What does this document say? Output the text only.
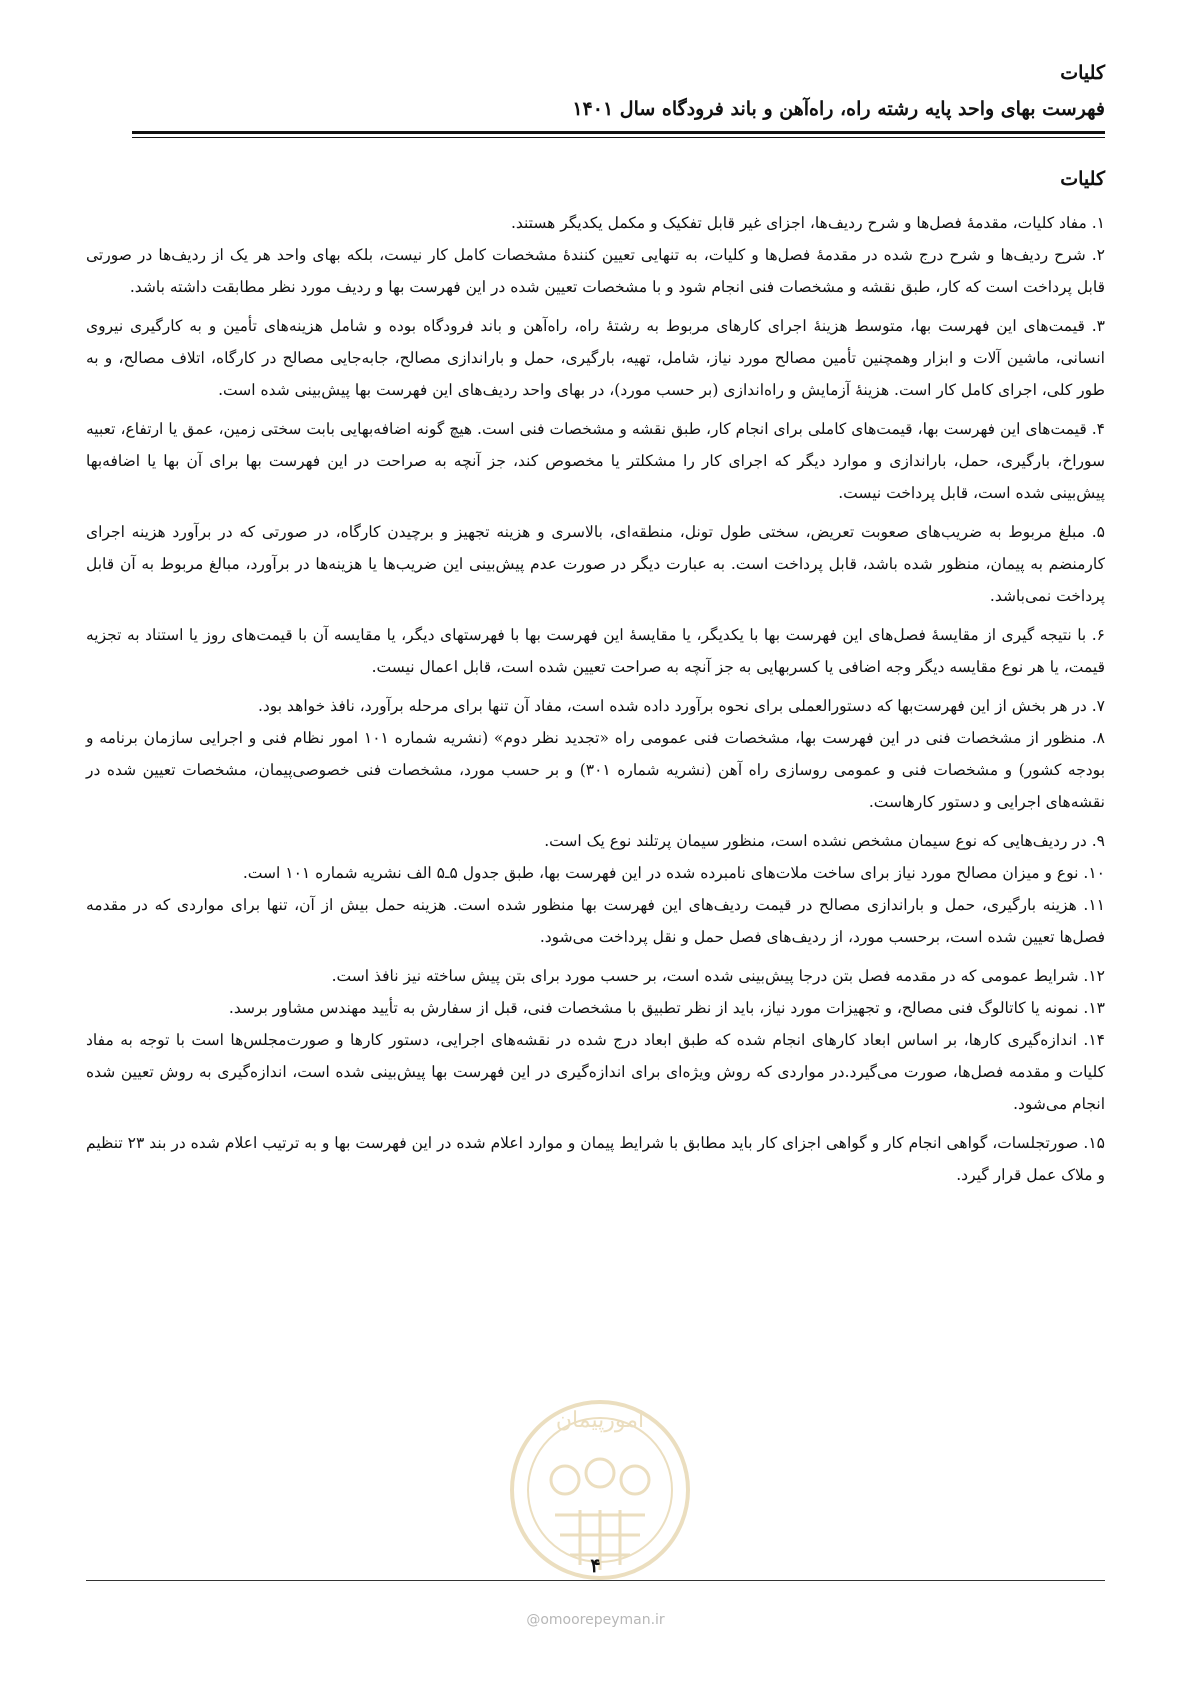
کلیات
فهرست بهای واحد پایه رشته راه، راه‌آهن و باند فرودگاه سال ۱۴۰۱
کلیات

۱. مفاد کلیات، مقدمهٔ فصل‌ها و شرح ردیف‌ها، اجزای غیر قابل تفکیک و مکمل یکدیگر هستند.

۲. شرح ردیف‌ها و شرح درج شده در مقدمهٔ فصل‌ها و کلیات، به تنهایی تعیین کنندهٔ مشخصات کامل کار نیست، بلکه بهای واحد هر یک از ردیف‌ها در صورتی قابل پرداخت است که کار، طبق نقشه و مشخصات فنی انجام شود و با مشخصات تعیین شده در این فهرست بها و ردیف مورد نظر مطابقت داشته باشد.

۳. قیمت‌های این فهرست بها، متوسط هزینهٔ اجرای کارهای مربوط به رشتهٔ راه، راه‌آهن و باند فرودگاه بوده و شامل هزینه‌های تأمین و به کارگیری نیروی انسانی، ماشین آلات و ابزار وهمچنین تأمین مصالح مورد نیاز، شامل، تهیه، بارگیری، حمل و باراندازی مصالح، جابه‌جایی مصالح در کارگاه، اتلاف مصالح، و به طور کلی، اجرای کامل کار است. هزینهٔ آزمایش و راه‌اندازی (بر حسب مورد)، در بهای واحد ردیف‌های این فهرست بها پیش‌بینی شده است.

۴. قیمت‌های این فهرست بها، قیمت‌های کاملی برای انجام کار، طبق نقشه و مشخصات فنی است. هیچ گونه اضافه‌بهایی بابت سختی زمین، عمق یا ارتفاع، تعبیه سوراخ، بارگیری، حمل، باراندازی و موارد دیگر که اجرای کار را مشکلتر یا مخصوص کند، جز آنچه به صراحت در این فهرست بها برای آن بها یا اضافه‌بها پیش‌بینی شده است، قابل پرداخت نیست.

۵. مبلغ مربوط به ضریب‌های صعوبت تعریض، سختی طول تونل، منطقه‌ای، بالاسری و هزینه تجهیز و برچیدن کارگاه، در صورتی که در برآورد هزینه اجرای کارمنضم به پیمان، منظور شده باشد، قابل پرداخت است. به عبارت دیگر در صورت عدم پیش‌بینی این ضریب‌ها یا هزینه‌ها در برآورد، مبالغ مربوط به آن قابل پرداخت نمی‌باشد.

۶. با نتیجه گیری از مقایسهٔ فصل‌های این فهرست بها با یکدیگر، یا مقایسهٔ این فهرست بها با فهرستهای دیگر، یا مقایسه آن با قیمت‌های روز یا استناد به تجزیه قیمت، یا هر نوع مقایسه دیگر وجه اضافی یا کسربهایی به جز آنچه به صراحت تعیین شده است، قابل اعمال نیست.

۷. در هر بخش از این فهرست‌بها که دستورالعملی برای نحوه برآورد داده شده است، مفاد آن تنها برای مرحله برآورد، نافذ خواهد بود.

۸. منظور از مشخصات فنی در این فهرست بها، مشخصات فنی عمومی راه «تجدید نظر دوم» (نشریه شماره ۱۰۱ امور نظام فنی و اجرایی سازمان برنامه و بودجه کشور) و مشخصات فنی و عمومی روسازی راه آهن (نشریه شماره ۳۰۱) و بر حسب مورد، مشخصات فنی خصوصی‌پیمان، مشخصات تعیین شده در نقشه‌های اجرایی و دستور کارهاست.

۹. در ردیف‌هایی که نوع سیمان مشخص نشده است، منظور سیمان پرتلند نوع یک است.

۱۰. نوع و میزان مصالح مورد نیاز برای ساخت ملات‌های نامبرده شده در این فهرست بها، طبق جدول ۵ـ۵ الف نشریه شماره ۱۰۱ است.

۱۱. هزینه بارگیری، حمل و باراندازی مصالح در قیمت ردیف‌های این فهرست بها منظور شده است. هزینه حمل بیش از آن، تنها برای مواردی که در مقدمه فصل‌ها تعیین شده است، برحسب مورد، از ردیف‌های فصل حمل و نقل پرداخت می‌شود.

۱۲. شرایط عمومی که در مقدمه فصل بتن درجا پیش‌بینی شده است، بر حسب مورد برای بتن پیش ساخته نیز نافذ است.

۱۳. نمونه یا کاتالوگ فنی مصالح، و تجهیزات مورد نیاز، باید از نظر تطبیق با مشخصات فنی، قبل از سفارش به تأیید مهندس مشاور برسد.

۱۴. اندازه‌گیری کارها، بر اساس ابعاد کارهای انجام شده که طبق ابعاد درج شده در نقشه‌های اجرایی، دستور کارها و صورت‌مجلس‌ها است با توجه به مفاد کلیات و مقدمه فصل‌ها، صورت می‌گیرد.در مواردی که روش ویژه‌ای برای اندازه‌گیری در این فهرست بها پیش‌بینی شده است، اندازه‌گیری به روش تعیین شده انجام می‌شود.

۱۵. صورتجلسات، گواهی انجام کار و گواهی اجزای کار باید مطابق با شرایط پیمان و موارد اعلام شده در این فهرست بها و به ترتیب اعلام شده در بند ۲۳ تنظیم و ملاک عمل قرار گیرد.

امورپیمان
۴
@omoorepeyman.ir
